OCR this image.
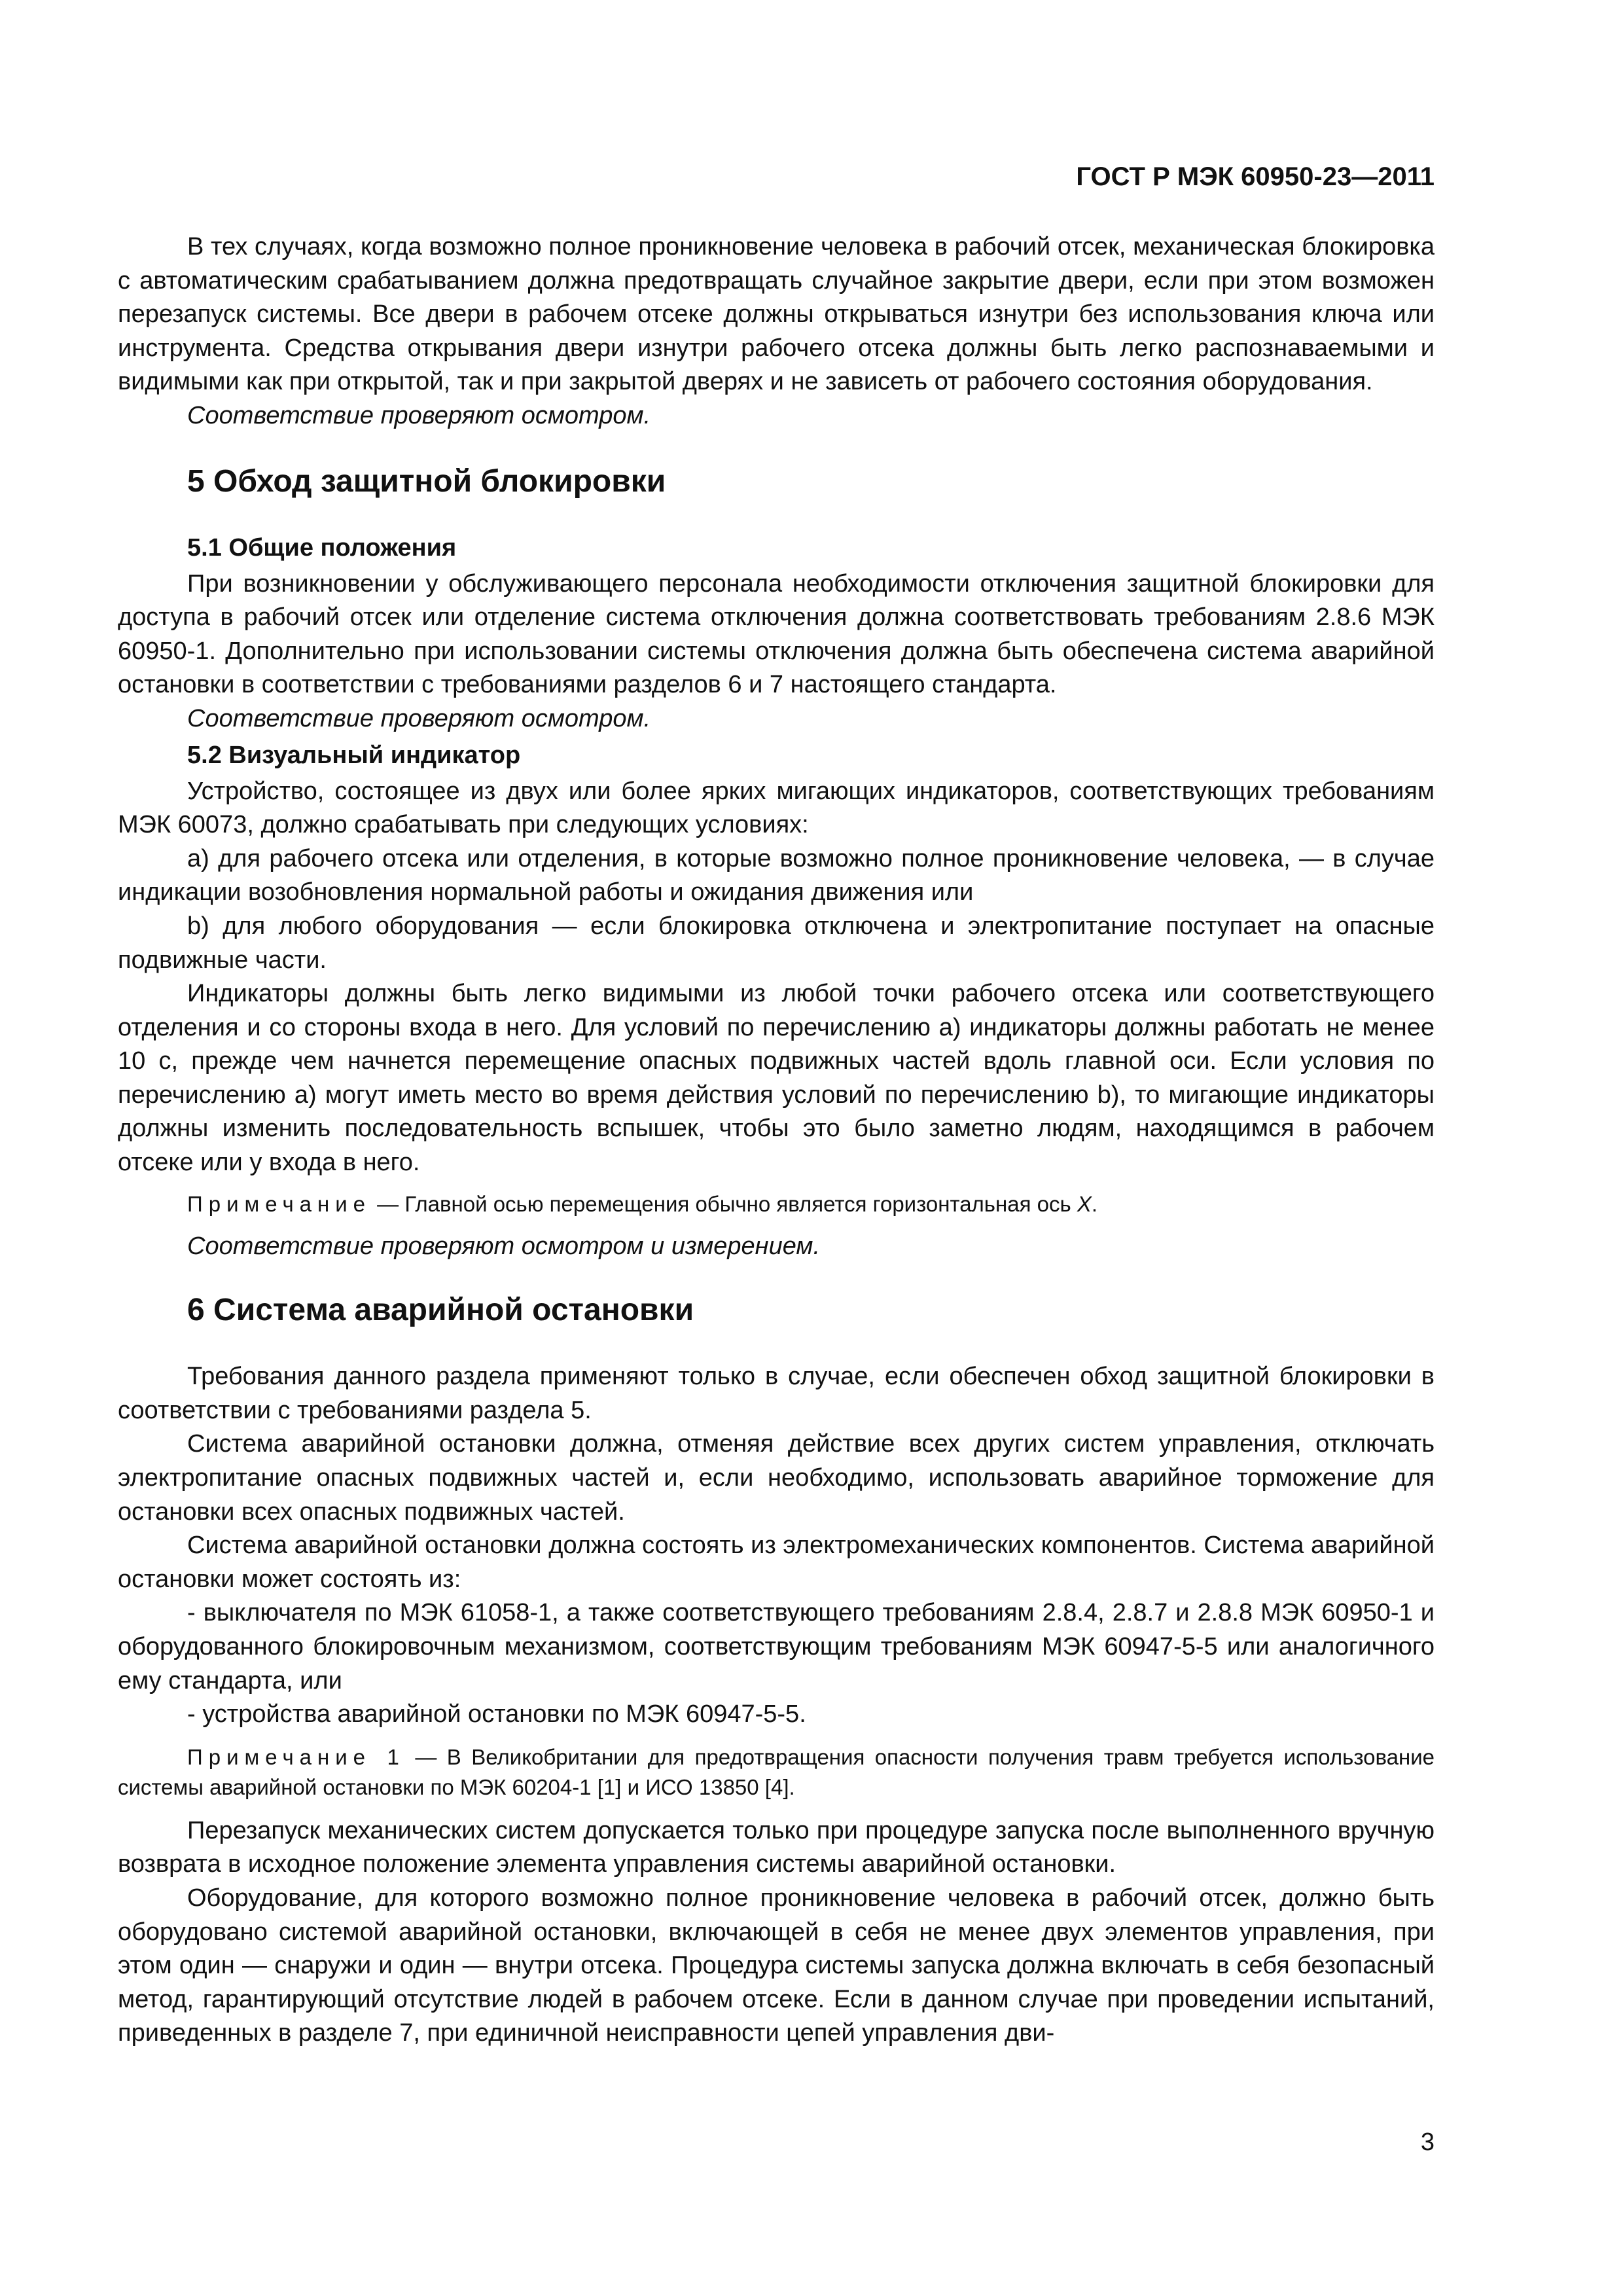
ГОСТ Р МЭК 60950-23—2011

В тех случаях, когда возможно полное проникновение человека в рабочий отсек, механическая блокировка с автоматическим срабатыванием должна предотвращать случайное закрытие двери, если при этом возможен перезапуск системы. Все двери в рабочем отсеке должны открываться изнутри без использования ключа или инструмента. Средства открывания двери изнутри рабочего отсека должны быть легко распознаваемыми и видимыми как при открытой, так и при закрытой дверях и не зависеть от рабочего состояния оборудования.

Соответствие проверяют осмотром.

5 Обход защитной блокировки
5.1 Общие положения

При возникновении у обслуживающего персонала необходимости отключения защитной блокировки для доступа в рабочий отсек или отделение система отключения должна соответствовать требованиям 2.8.6 МЭК 60950-1. Дополнительно при использовании системы отключения должна быть обеспечена система аварийной остановки в соответствии с требованиями разделов 6 и 7 настоящего стандарта.

Соответствие проверяют осмотром.

5.2 Визуальный индикатор

Устройство, состоящее из двух или более ярких мигающих индикаторов, соответствующих требованиям МЭК 60073, должно срабатывать при следующих условиях:

a) для рабочего отсека или отделения, в которые возможно полное проникновение человека, — в случае индикации возобновления нормальной работы и ожидания движения или

b) для любого оборудования — если блокировка отключена и электропитание поступает на опасные подвижные части.

Индикаторы должны быть легко видимыми из любой точки рабочего отсека или соответствующего отделения и со стороны входа в него. Для условий по перечислению a) индикаторы должны работать не менее 10 с, прежде чем начнется перемещение опасных подвижных частей вдоль главной оси. Если условия по перечислению a) могут иметь место во время действия условий по перечислению b), то мигающие индикаторы должны изменить последовательность вспышек, чтобы это было заметно людям, находящимся в рабочем отсеке или у входа в него.

Примечание — Главной осью перемещения обычно является горизонтальная ось X.

Соответствие проверяют осмотром и измерением.

6 Система аварийной остановки

Требования данного раздела применяют только в случае, если обеспечен обход защитной блокировки в соответствии с требованиями раздела 5.

Система аварийной остановки должна, отменяя действие всех других систем управления, отключать электропитание опасных подвижных частей и, если необходимо, использовать аварийное торможение для остановки всех опасных подвижных частей.

Система аварийной остановки должна состоять из электромеханических компонентов. Система аварийной остановки может состоять из:

- выключателя по МЭК 61058-1, а также соответствующего требованиям 2.8.4, 2.8.7 и 2.8.8 МЭК 60950-1 и оборудованного блокировочным механизмом, соответствующим требованиям МЭК 60947-5-5 или аналогичного ему стандарта, или

- устройства аварийной остановки по МЭК 60947-5-5.

Примечание 1 — В Великобритании для предотвращения опасности получения травм требуется использование системы аварийной остановки по МЭК 60204-1 [1] и ИСО 13850 [4].

Перезапуск механических систем допускается только при процедуре запуска после выполненного вручную возврата в исходное положение элемента управления системы аварийной остановки.

Оборудование, для которого возможно полное проникновение человека в рабочий отсек, должно быть оборудовано системой аварийной остановки, включающей в себя не менее двух элементов управления, при этом один — снаружи и один — внутри отсека. Процедура системы запуска должна включать в себя безопасный метод, гарантирующий отсутствие людей в рабочем отсеке. Если в данном случае при проведении испытаний, приведенных в разделе 7, при единичной неисправности цепей управления дви-

3
